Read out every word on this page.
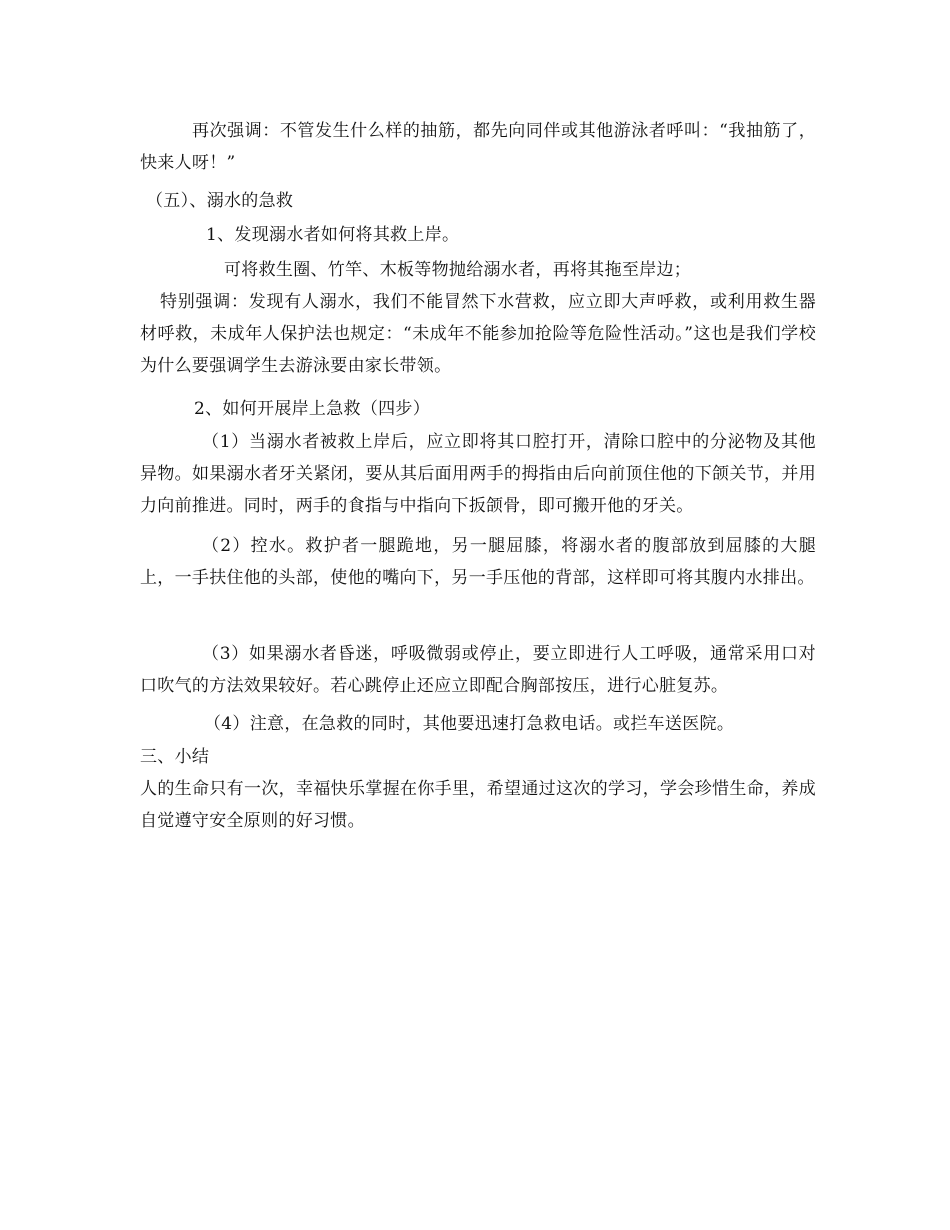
再次强调：不管发生什么样的抽筋，都先向同伴或其他游泳者呼叫：“我抽筋了，快来人呀！”
（五）、溺水的急救
1、发现溺水者如何将其救上岸。
可将救生圈、竹竿、木板等物抛给溺水者，再将其拖至岸边；
特别强调：发现有人溺水，我们不能冒然下水营救，应立即大声呼救，或利用救生器材呼救，未成年人保护法也规定：“未成年不能参加抢险等危险性活动。”这也是我们学校为什么要强调学生去游泳要由家长带领。
2、如何开展岸上急救（四步）
（1）当溺水者被救上岸后，应立即将其口腔打开，清除口腔中的分泌物及其他异物。如果溺水者牙关紧闭，要从其后面用两手的拇指由后向前顶住他的下颌关节，并用力向前推进。同时，两手的食指与中指向下扳颌骨，即可搬开他的牙关。
（2）控水。救护者一腿跪地，另一腿屈膝，将溺水者的腹部放到屈膝的大腿上，一手扶住他的头部，使他的嘴向下，另一手压他的背部，这样即可将其腹内水排出。
（3）如果溺水者昏迷，呼吸微弱或停止，要立即进行人工呼吸，通常采用口对口吹气的方法效果较好。若心跳停止还应立即配合胸部按压，进行心脏复苏。
（4）注意，在急救的同时，其他要迅速打急救电话。或拦车送医院。
三、小结
人的生命只有一次，幸福快乐掌握在你手里，希望通过这次的学习，学会珍惜生命，养成自觉遵守安全原则的好习惯。
